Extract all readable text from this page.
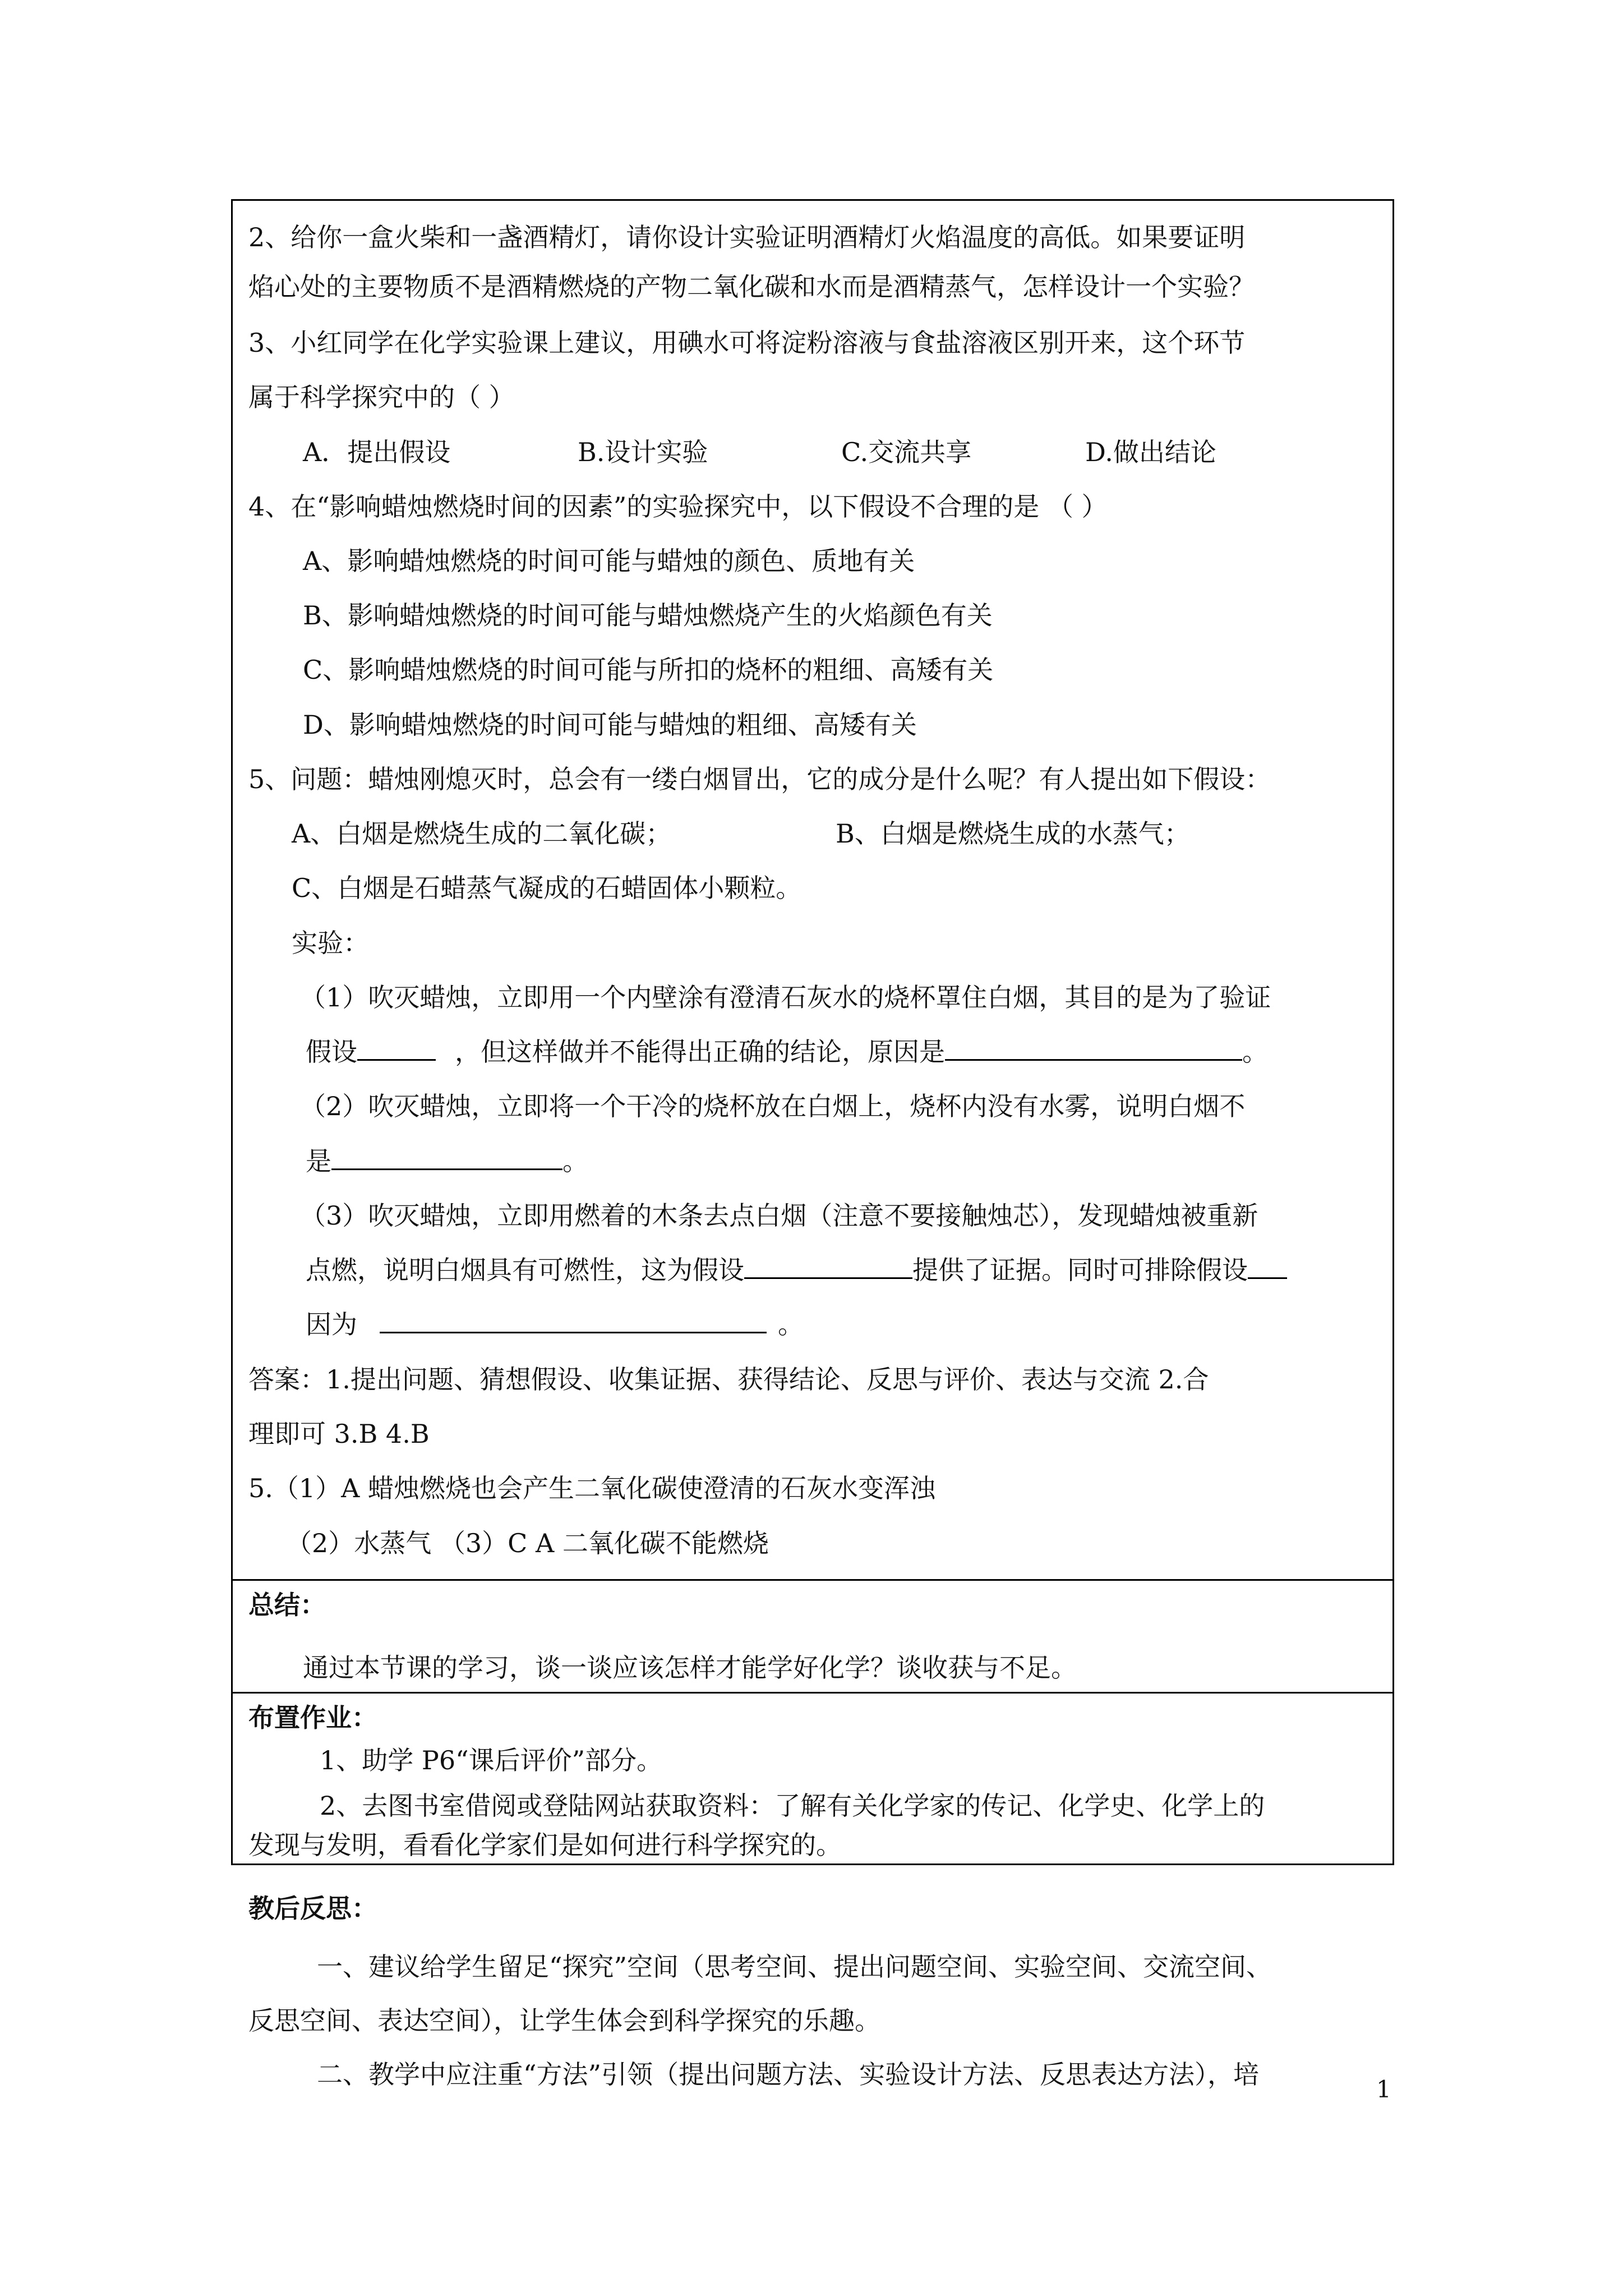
2、给你一盒火柴和一盏酒精灯，请你设计实验证明酒精灯火焰温度的高低。如果要证明
焰心处的主要物质不是酒精燃烧的产物二氧化碳和水而是酒精蒸气，怎样设计一个实验？
3、小红同学在化学实验课上建议，用碘水可将淀粉溶液与食盐溶液区别开来，这个环节
属于科学探究中的（ ）
A．提出假设	B.设计实验	C.交流共享	D.做出结论
4、在“影响蜡烛燃烧时间的因素”的实验探究中，以下假设不合理的是 （ ）
A、影响蜡烛燃烧的时间可能与蜡烛的颜色、质地有关
B、影响蜡烛燃烧的时间可能与蜡烛燃烧产生的火焰颜色有关
C、影响蜡烛燃烧的时间可能与所扣的烧杯的粗细、高矮有关
D、影响蜡烛燃烧的时间可能与蜡烛的粗细、高矮有关
5、问题：蜡烛刚熄灭时，总会有一缕白烟冒出，它的成分是什么呢？有人提出如下假设：
A、白烟是燃烧生成的二氧化碳；	B、白烟是燃烧生成的水蒸气；
C、白烟是石蜡蒸气凝成的石蜡固体小颗粒。
实验：
（1）吹灭蜡烛，立即用一个内壁涂有澄清石灰水的烧杯罩住白烟，其目的是为了验证
假设	，但这样做并不能得出正确的结论，原因是	。
（2）吹灭蜡烛，立即将一个干冷的烧杯放在白烟上，烧杯内没有水雾，说明白烟不
是	。
（3）吹灭蜡烛，立即用燃着的木条去点白烟（注意不要接触烛芯），发现蜡烛被重新
点燃，说明白烟具有可燃性，这为假设	提供了证据。同时可排除假设
因为	。
答案：1.提出问题、猜想假设、收集证据、获得结论、反思与评价、表达与交流 2.合
理即可 3.B 4.B
5.（1）A 蜡烛燃烧也会产生二氧化碳使澄清的石灰水变浑浊
（2）水蒸气 （3）C A 二氧化碳不能燃烧
总结：
通过本节课的学习，谈一谈应该怎样才能学好化学？谈收获与不足。
布置作业：
1、助学 P6“课后评价”部分。
2、去图书室借阅或登陆网站获取资料：了解有关化学家的传记、化学史、化学上的
发现与发明，看看化学家们是如何进行科学探究的。
教后反思：
一、建议给学生留足“探究”空间（思考空间、提出问题空间、实验空间、交流空间、
反思空间、表达空间），让学生体会到科学探究的乐趣。
二、教学中应注重“方法”引领（提出问题方法、实验设计方法、反思表达方法），培	1
